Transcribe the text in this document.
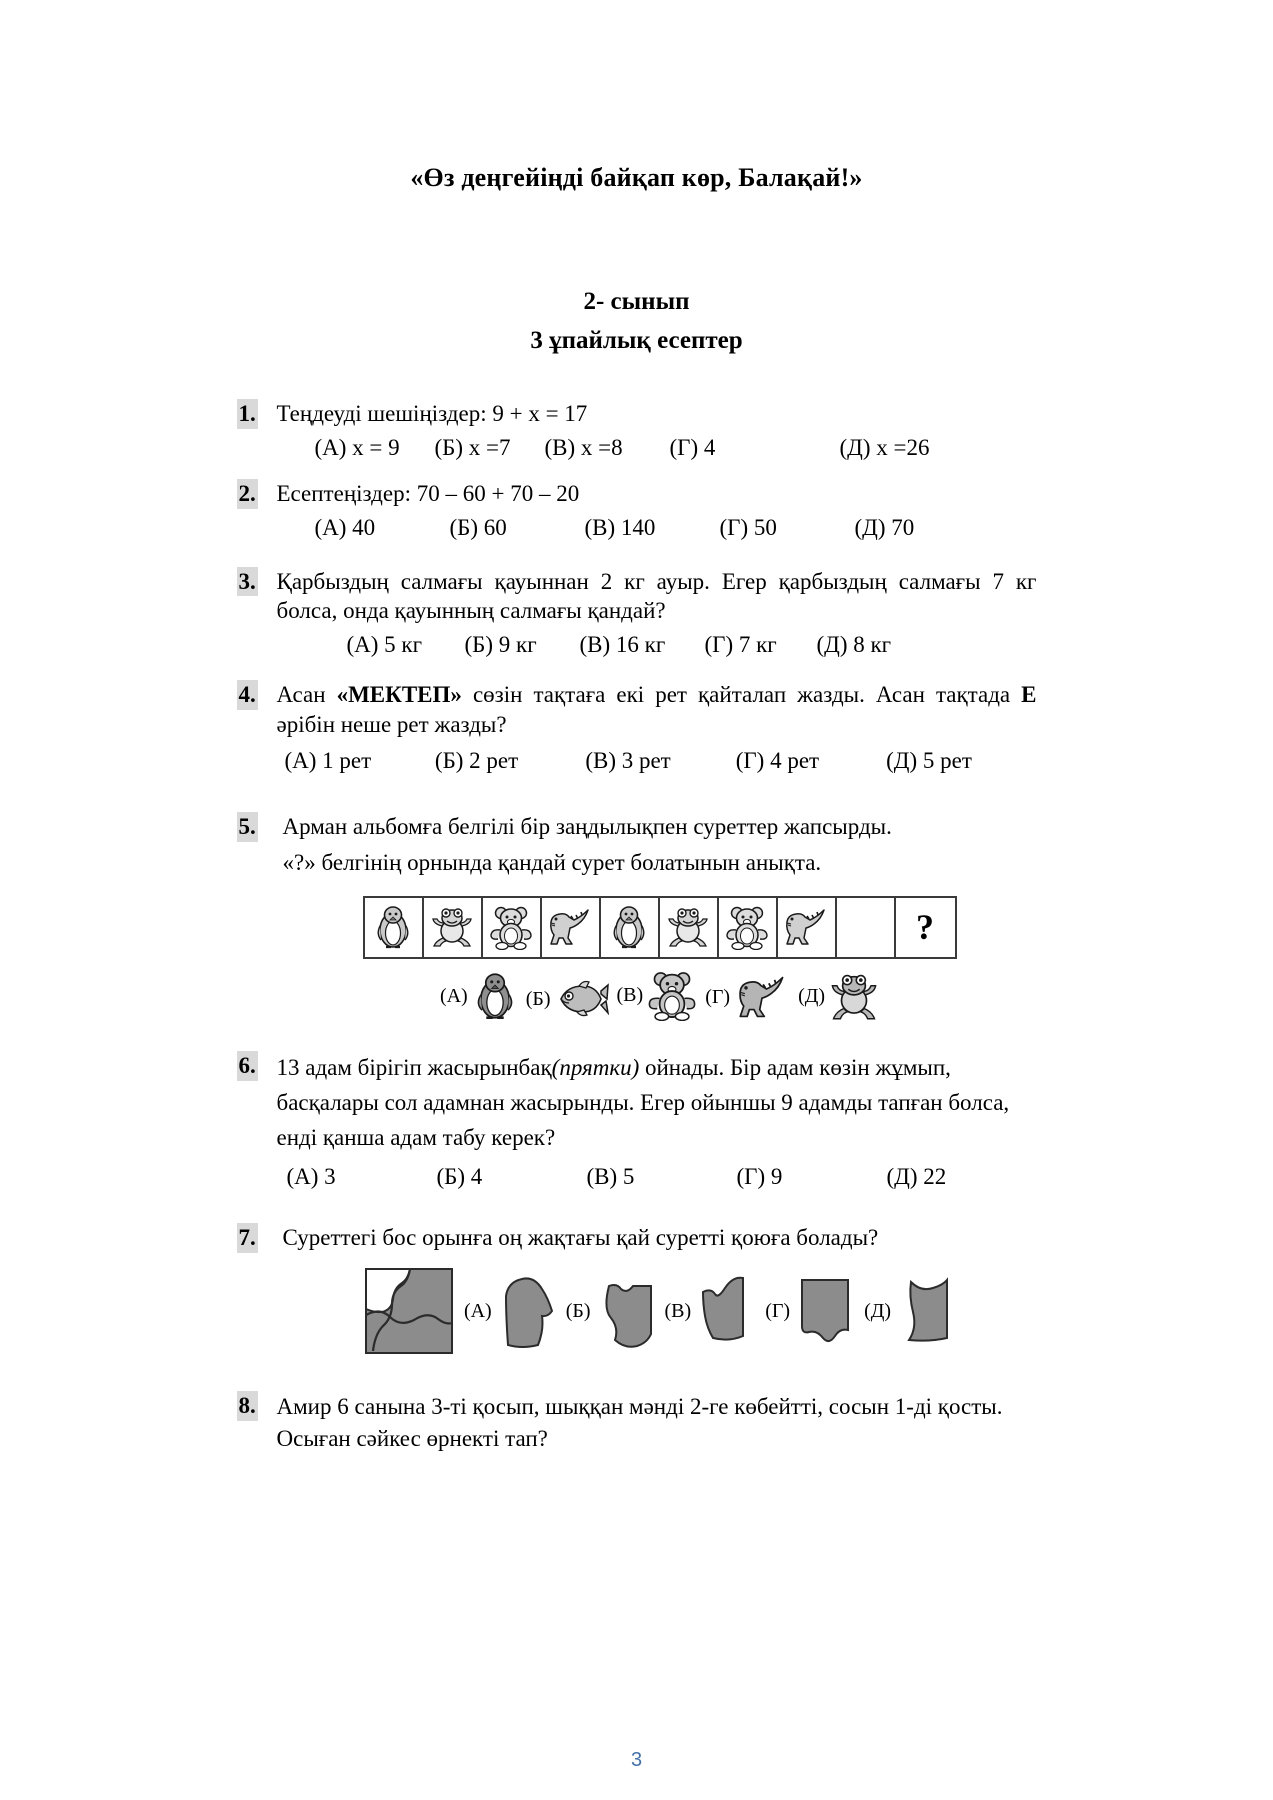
«Өз деңгейіңді байқап көр, Балақай!»
2- сынып
3 ұпайлық есептер
1. Теңдеуді шешіңіздер: 9 + x = 17
(А) x = 9	(Б) x =7	(В) x =8	(Г) 4	(Д) x =26
2. Есептеңіздер: 70 – 60 + 70 – 20
(А) 40	(Б) 60	(В) 140	(Г) 50	(Д) 70
3. Қарбыздың салмағы қауыннан 2 кг ауыр. Егер қарбыздың салмағы 7 кг болса, онда қауынның салмағы қандай?
(А) 5 кг	(Б) 9 кг	(В) 16 кг	(Г) 7 кг	(Д) 8 кг
4. Асан «МЕКТЕП» сөзін тақтаға екі рет қайталап жазды. Асан тақтада Е әрібін неше рет жазды?
(А) 1 рет	(Б) 2 рет	(В) 3 рет	(Г) 4 рет	(Д) 5 рет
5. Арман альбомға белгілі бір заңдылықпен суреттер жапсырды.
«?» белгінің орнында қандай сурет болатынын анықта.
?
(А)	(Б)	(В)	(Г)	(Д)
6. 13 адам бірігіп жасырынбақ(прятки) ойнады. Бір адам көзін жұмып, басқалары сол адамнан жасырынды. Егер ойыншы 9 адамды тапған болса, енді қанша адам табу керек?
(А) 3	(Б) 4	(В) 5	(Г) 9	(Д) 22
7. Суреттегі бос орынға оң жақтағы қай суретті қоюға болады?
(А)	(Б)	(В)	(Г)	(Д)
8. Амир 6 санына 3-ті қосып, шыққан мәнді 2-ге көбейтті, сосын 1-ді қосты. Осыған сәйкес өрнекті тап?
3
